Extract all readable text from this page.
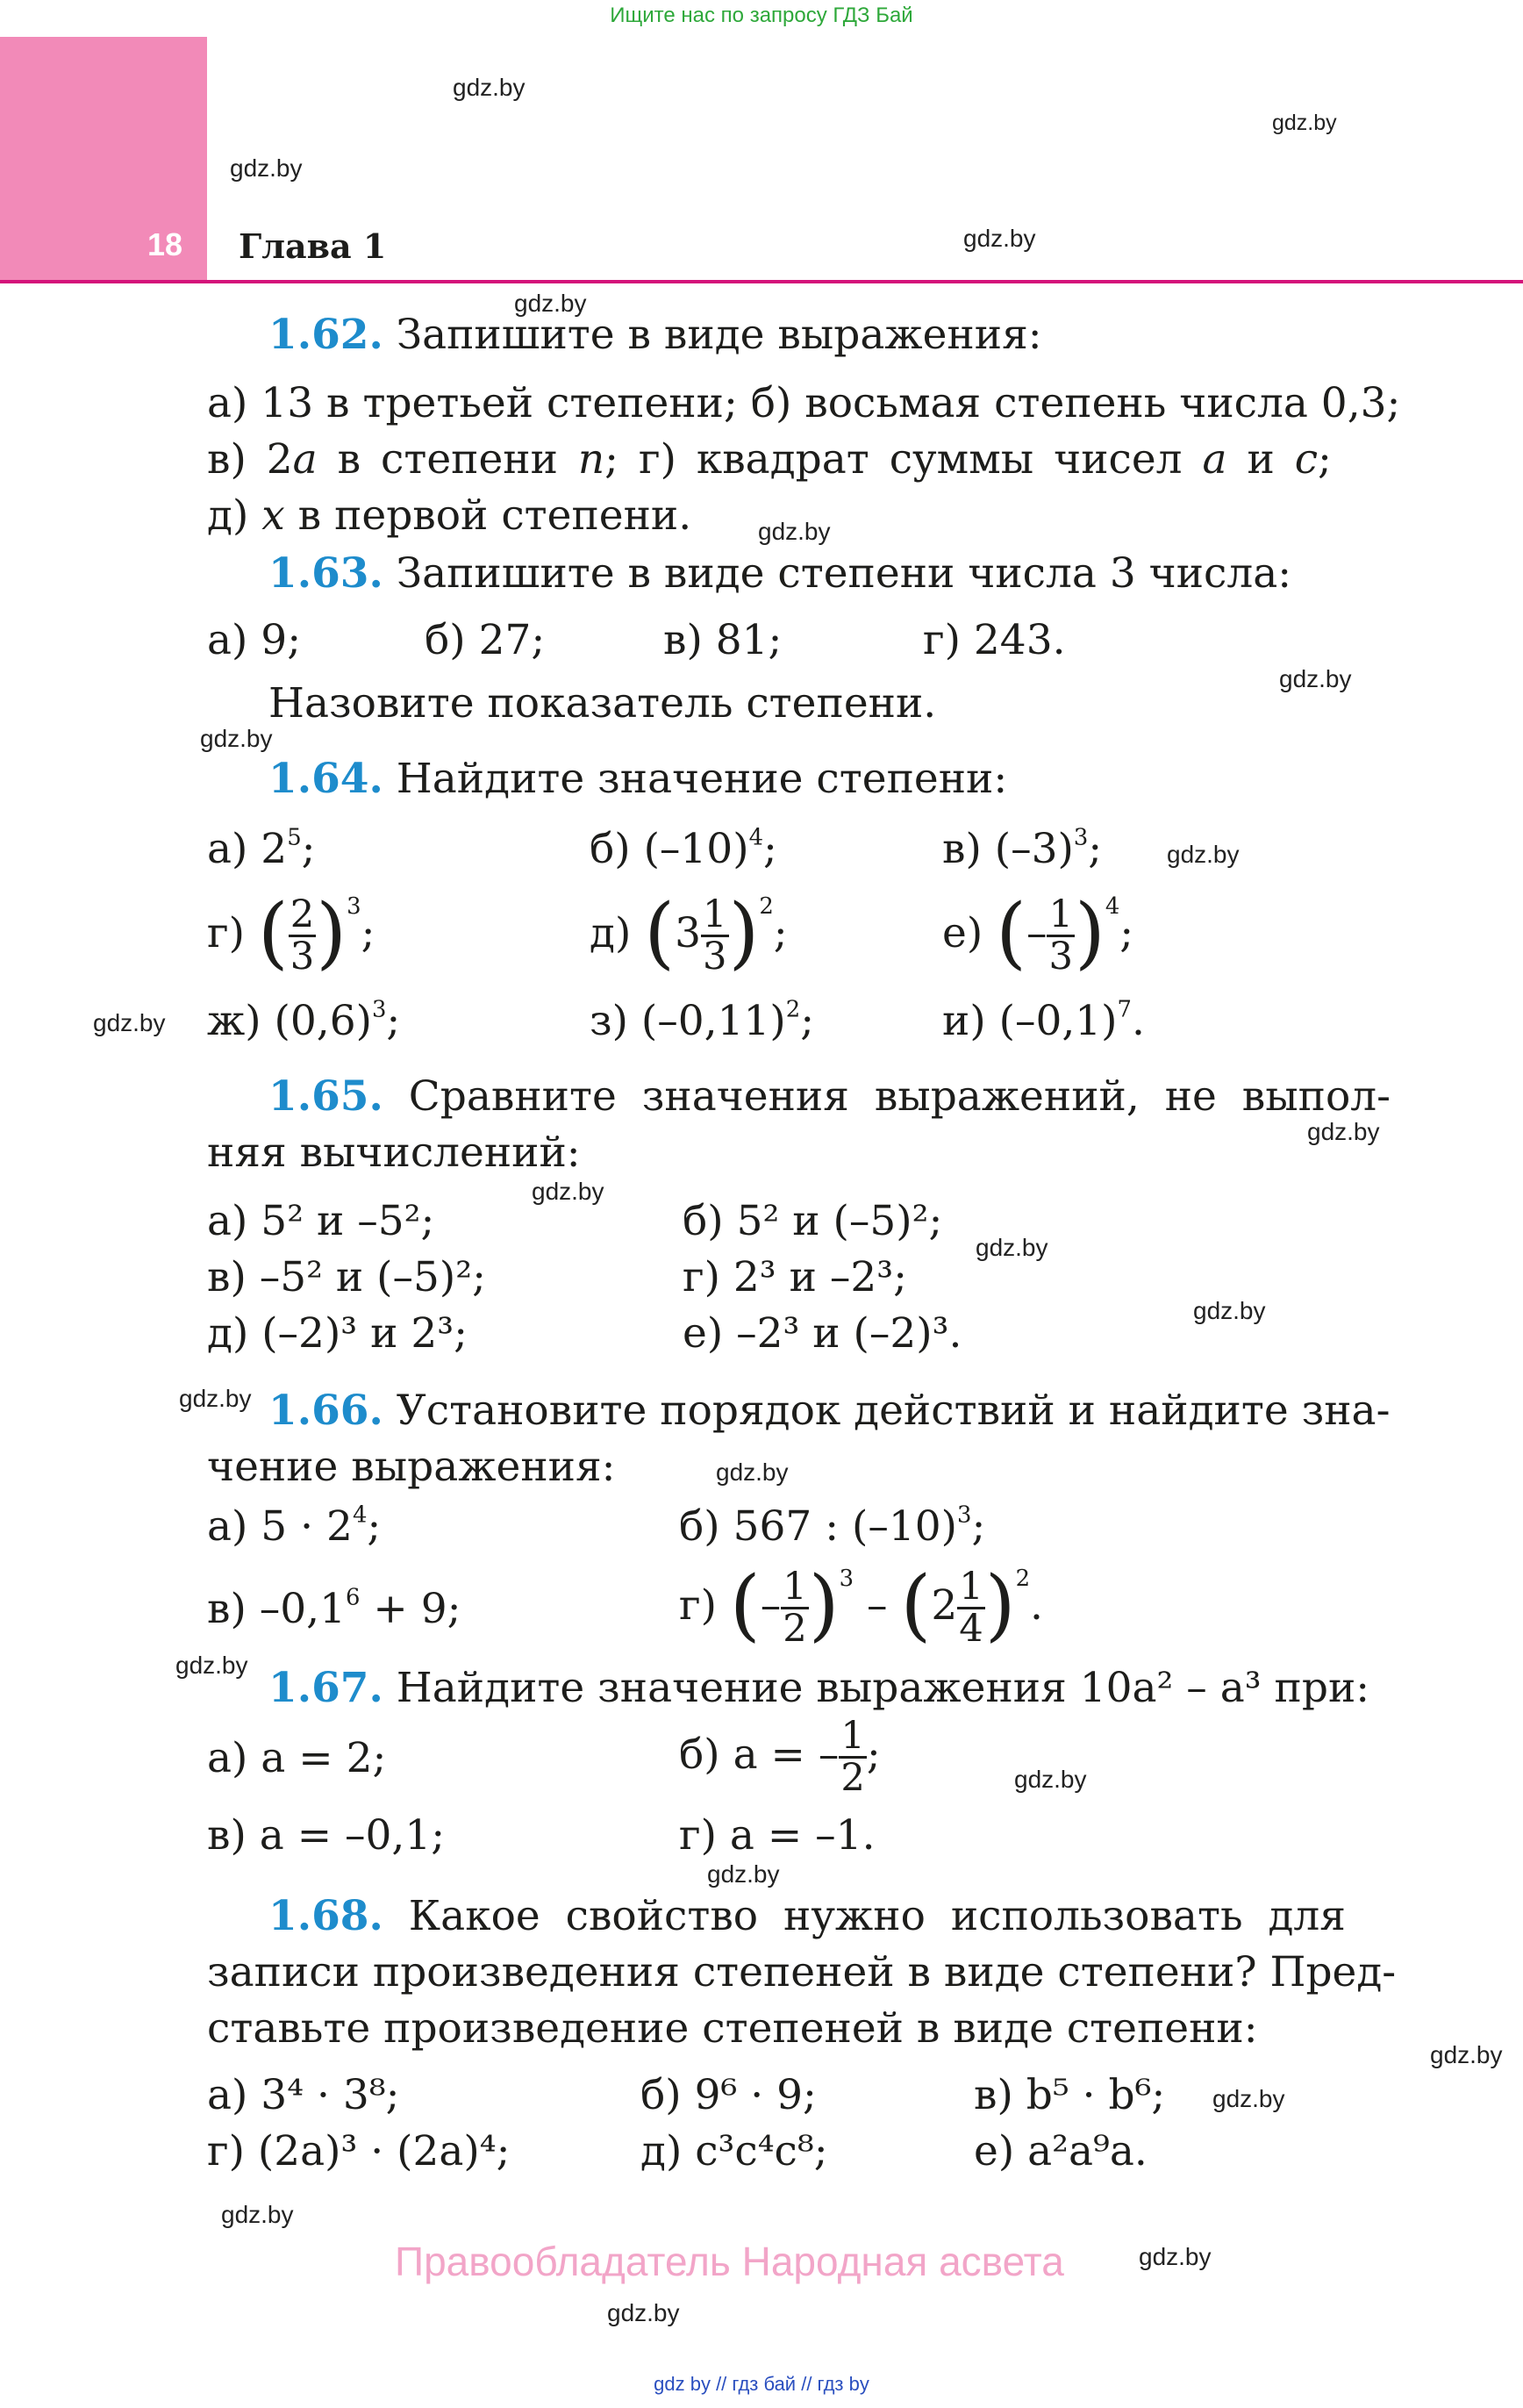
Ищите нас по запросу ГДЗ Бай
18 Глава 1
gdz.by
gdz.by
gdz.by
gdz.by
gdz.by
gdz.by
gdz.by
gdz.by
gdz.by
gdz.by
gdz.by
gdz.by
gdz.by
gdz.by
gdz.by
gdz.by
gdz.by
gdz.by
gdz.by
gdz.by
gdz.by
gdz.by
gdz.by
gdz.by
1.62. Запишите в виде выражения:
а) 13 в третьей степени; б) восьмая степень числа 0,3;
в) 2a в степени n; г) квадрат суммы чисел a и c;
д) x в первой степени.
1.63. Запишите в виде степени числа 3 числа:
а) 9;	б) 27;	в) 81;	г) 243.
Назовите показатель степени.
1.64. Найдите значение степени:
а) $2^5$;	б) $(-10)^4$;	в) $(-3)^3$;
г) ( $\frac{2}{3} )^3$;	д) $(3 \frac{1}{3} )^2$;	е) (– $\frac{1}{3} )^4$;
ж) $(0,6)^3$;	з) $(-0,11)^2$;	и) $(-0,1)^7$.
1.65. Сравните значения выражений, не выпол-
няя вычислений:
а) 5² и –5²;	б) 5² и (–5)²;
в) –5² и (–5)²;	г) 2³ и –2³;
д) (–2)³ и 2³;	е) –2³ и (–2)³.
1.66. Установите порядок действий и найдите зна-
чение выражения:
а) $5 \cdot 2^4$;	б) 567 : $(-10)^3$;
в) $-0,1^6 + 9$;	г) (– $\frac{1}{2} )^3 - (2 \frac{1}{4} )^2$.
1.67. Найдите значение выражения 10a² – a³ при:
а) a = 2;	б) a = – $\frac{1}{2}$ ;
в) a = –0,1;	г) a = –1.
1.68. Какое свойство нужно использовать для
записи произведения степеней в виде степени? Пред-
ставьте произведение степеней в виде степени:
а) 3⁴ · 3⁸;	б) 9⁶ · 9;	в) b⁵ · b⁶;
г) (2a)³ · (2a)⁴;	д) c³c⁴c⁸;	е) a²a⁹a.
Правообладатель Народная асвета
gdz by // гдз бай // гдз by
